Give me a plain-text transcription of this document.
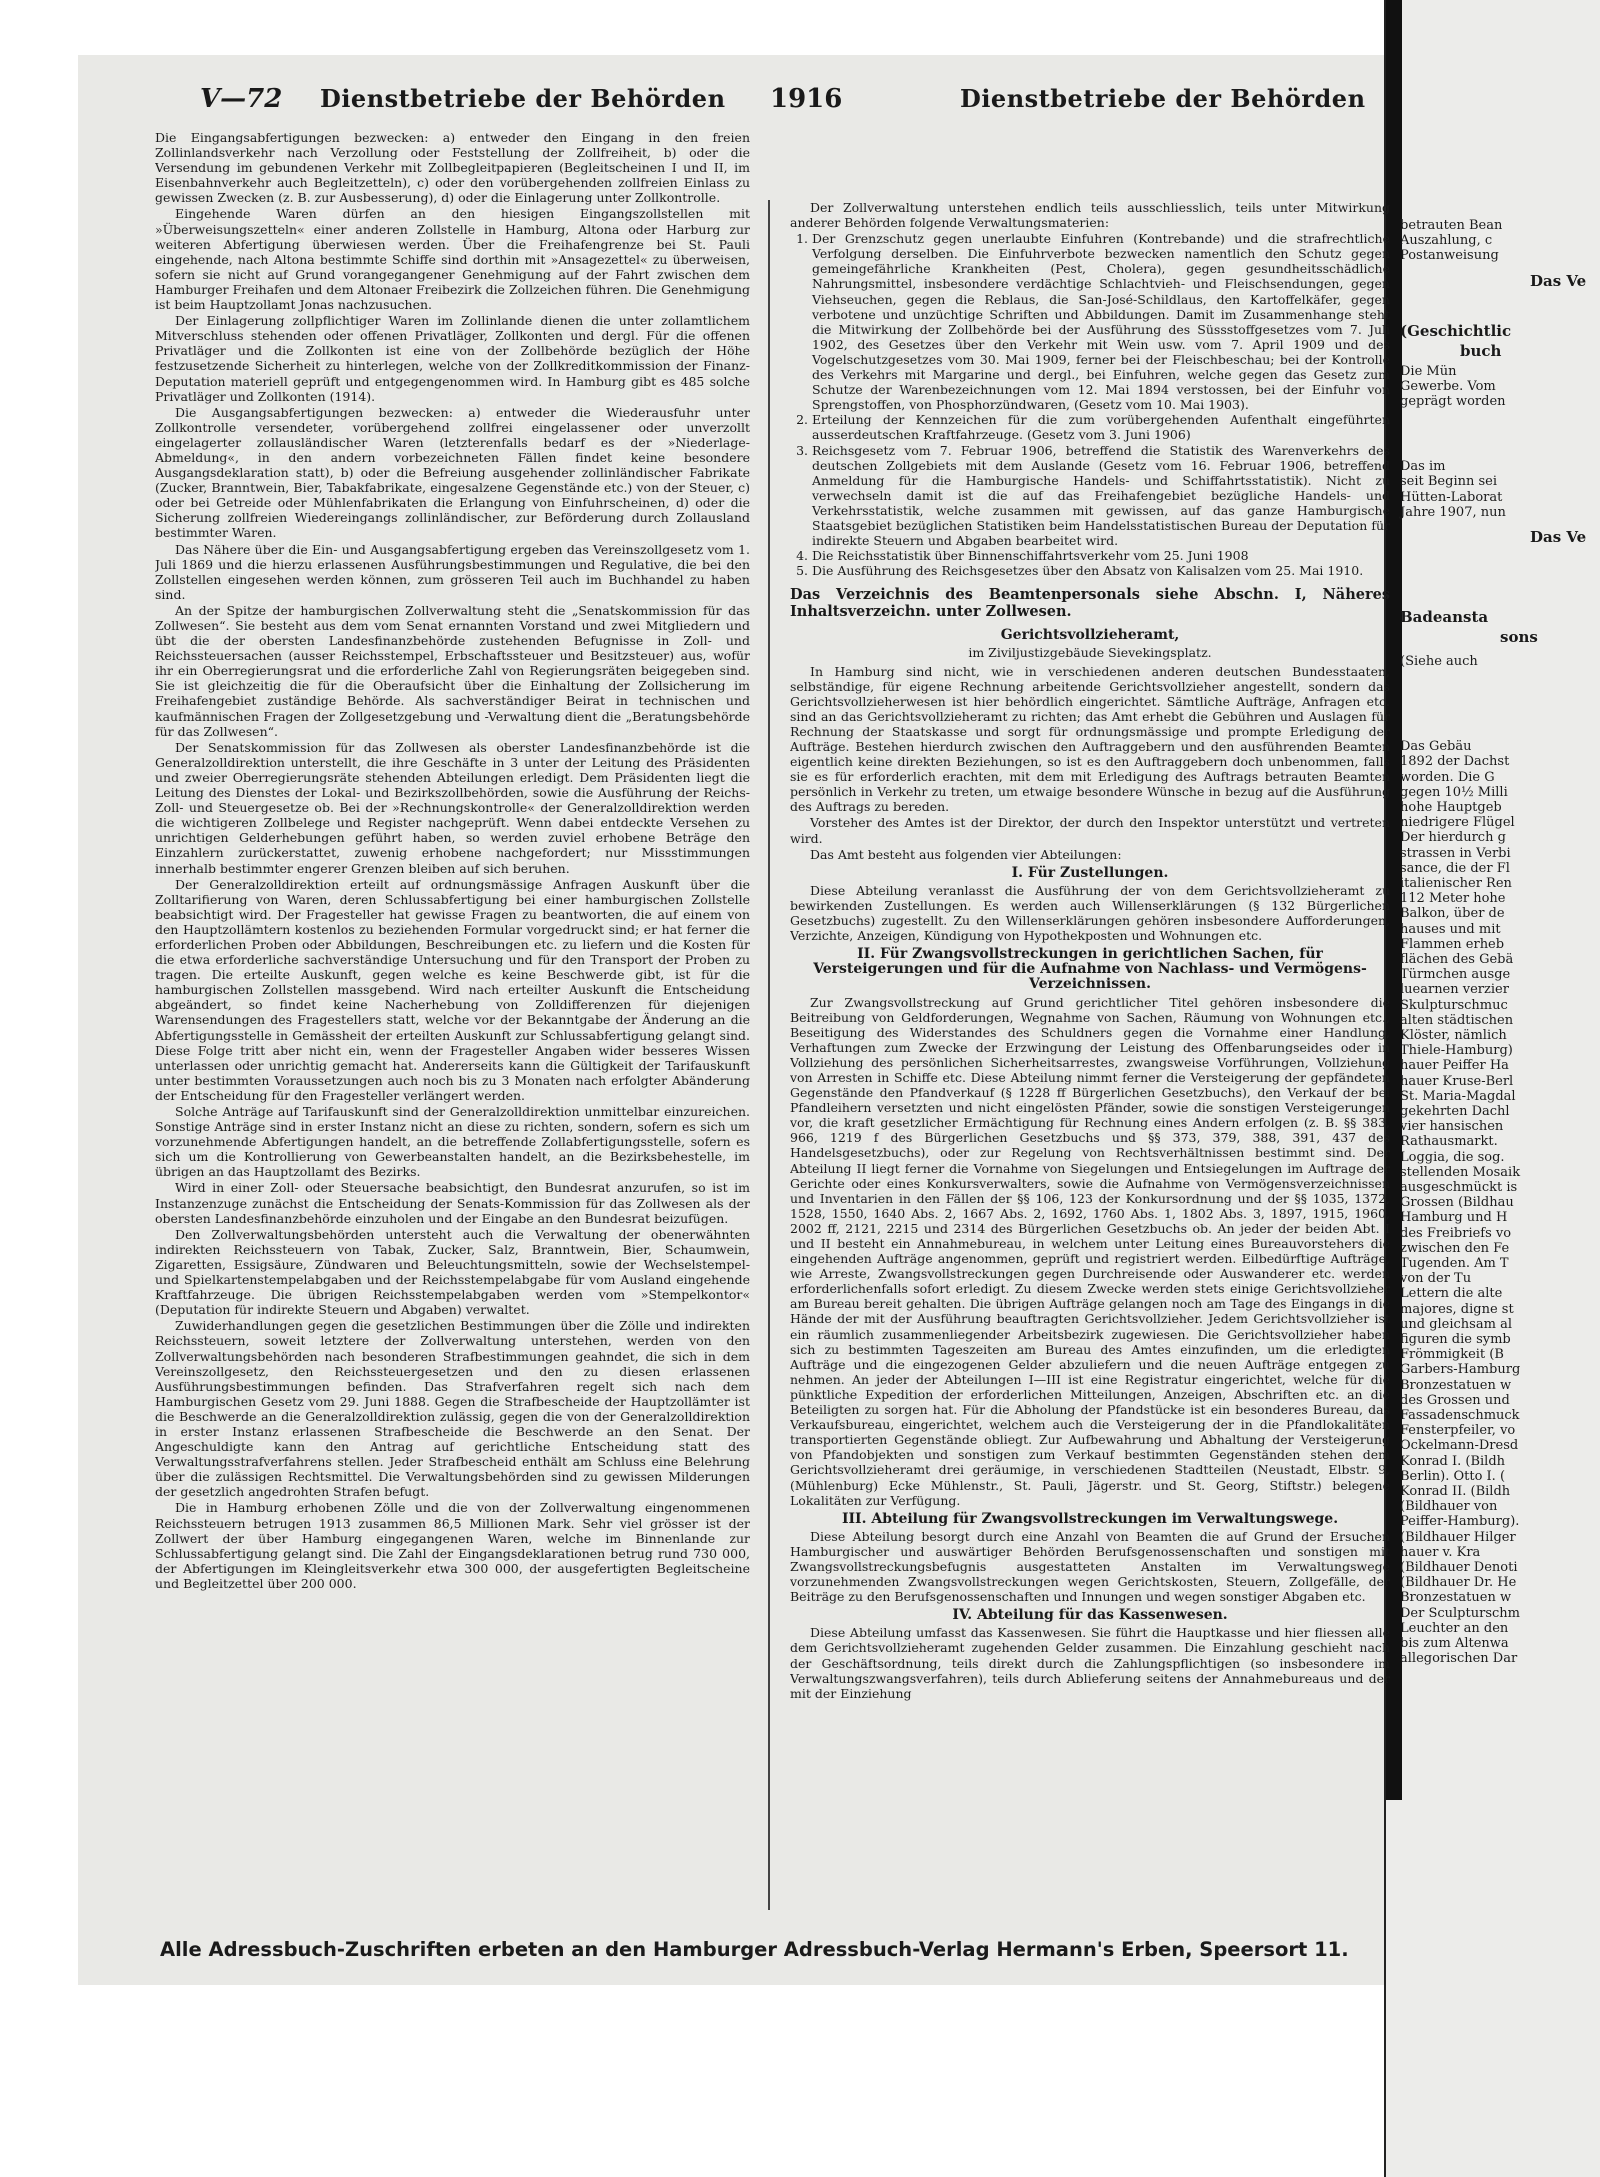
betrauten Bean
Auszahlung, c
Postanweisung
Das Ve
(Geschichtlic
buch
Die Mün
Gewerbe. Vom
geprägt worden
Das im
seit Beginn sei
Hütten-Laborat
Jahre 1907, nun
Das Ve
Badeansta
sons
(Siehe auch
Das Gebäu
1892 der Dachst
worden. Die G
gegen 10½ Milli
hohe Hauptgeb
niedrigere Flügel
Der hierdurch g
strassen in Verbi
sance, die der Fl
italienischer Ren
112 Meter hohe
Balkon, über de
hauses und mit
Flammen erheb
flächen des Gebä
Türmchen ausge
luearnen verzier
Skulpturschmuc
alten städtischen
Klöster, nämlich
Thiele-Hamburg)
hauer Peiffer Ha
hauer Kruse-Berl
St. Maria-Magdal
gekehrten Dachl
vier hansischen
Rathausmarkt.
Loggia, die sog.
stellenden Mosaik
ausgeschmückt is
Grossen (Bildhau
Hamburg und H
des Freibriefs vo
zwischen den Fe
Tugenden. Am T
von der Tu
Lettern die alte
majores, digne st
und gleichsam al
figuren die symb
Frömmigkeit (B
Garbers-Hamburg
Bronzestatuen w
des Grossen und
Fassadenschmuck
Fensterpfeiler, vo
Ockelmann-Dresd
Konrad I. (Bildh
Berlin). Otto I. (
Konrad II. (Bildh
(Bildhauer von
Peiffer-Hamburg).
(Bildhauer Hilger
hauer v. Kra
(Bildhauer Denoti
(Bildhauer Dr. He
Bronzestatuen w
Der Sculpturschm
Leuchter an den
bis zum Altenwa
allegorischen Dar
V—72 Dienstbetriebe der Behörden 1916	Dienstbetriebe der Behörden

Die Eingangsabfertigungen bezwecken: a) entweder den Eingang in den freien Zollinlandsverkehr nach Verzollung oder Feststellung der Zollfreiheit, b) oder die Versendung im gebundenen Verkehr mit Zollbegleitpapieren (Begleitscheinen I und II, im Eisenbahnverkehr auch Begleitzetteln), c) oder den vorübergehenden zollfreien Einlass zu gewissen Zwecken (z. B. zur Ausbesserung), d) oder die Einlagerung unter Zollkontrolle.

Eingehende Waren dürfen an den hiesigen Eingangszollstellen mit »Überweisungszetteln« einer anderen Zollstelle in Hamburg, Altona oder Harburg zur weiteren Abfertigung überwiesen werden. Über die Freihafengrenze bei St. Pauli eingehende, nach Altona bestimmte Schiffe sind dorthin mit »Ansagezettel« zu überweisen, sofern sie nicht auf Grund vorangegangener Genehmigung auf der Fahrt zwischen dem Hamburger Freihafen und dem Altonaer Freibezirk die Zollzeichen führen. Die Genehmigung ist beim Hauptzollamt Jonas nachzusuchen.

Der Einlagerung zollpflichtiger Waren im Zollinlande dienen die unter zollamtlichem Mitverschluss stehenden oder offenen Privatläger, Zollkonten und dergl. Für die offenen Privatläger und die Zollkonten ist eine von der Zollbehörde bezüglich der Höhe festzusetzende Sicherheit zu hinterlegen, welche von der Zollkreditkommission der Finanz-Deputation materiell geprüft und entgegengenommen wird. In Hamburg gibt es 485 solche Privatläger und Zollkonten (1914).

Die Ausgangsabfertigungen bezwecken: a) entweder die Wiederausfuhr unter Zollkontrolle versendeter, vorübergehend zollfrei eingelassener oder unverzollt eingelagerter zollausländischer Waren (letzterenfalls bedarf es der »Niederlage-Abmeldung«, in den andern vorbezeichneten Fällen findet keine besondere Ausgangsdeklaration statt), b) oder die Befreiung ausgehender zollinländischer Fabrikate (Zucker, Branntwein, Bier, Tabakfabrikate, eingesalzene Gegenstände etc.) von der Steuer, c) oder bei Getreide oder Mühlenfabrikaten die Erlangung von Einfuhrscheinen, d) oder die Sicherung zollfreien Wiedereingangs zollinländischer, zur Beförderung durch Zollausland bestimmter Waren.

Das Nähere über die Ein- und Ausgangsabfertigung ergeben das Vereinszollgesetz vom 1. Juli 1869 und die hierzu erlassenen Ausführungsbestimmungen und Regulative, die bei den Zollstellen eingesehen werden können, zum grösseren Teil auch im Buchhandel zu haben sind.

An der Spitze der hamburgischen Zollverwaltung steht die „Senatskommission für das Zollwesen“. Sie besteht aus dem vom Senat ernannten Vorstand und zwei Mitgliedern und übt die der obersten Landesfinanzbehörde zustehenden Befugnisse in Zoll- und Reichssteuersachen (ausser Reichsstempel, Erbschaftssteuer und Besitzsteuer) aus, wofür ihr ein Oberregierungsrat und die erforderliche Zahl von Regierungsräten beigegeben sind. Sie ist gleichzeitig die für die Oberaufsicht über die Einhaltung der Zollsicherung im Freihafengebiet zuständige Behörde. Als sachverständiger Beirat in technischen und kaufmännischen Fragen der Zollgesetzgebung und -Verwaltung dient die „Beratungsbehörde für das Zollwesen“.

Der Senatskommission für das Zollwesen als oberster Landesfinanzbehörde ist die Generalzolldirektion unterstellt, die ihre Geschäfte in 3 unter der Leitung des Präsidenten und zweier Oberregierungsräte stehenden Abteilungen erledigt. Dem Präsidenten liegt die Leitung des Dienstes der Lokal- und Bezirkszollbehörden, sowie die Ausführung der Reichs-Zoll- und Steuergesetze ob. Bei der »Rechnungskontrolle« der Generalzolldirektion werden die wichtigeren Zollbelege und Register nachgeprüft. Wenn dabei entdeckte Versehen zu unrichtigen Gelderhebungen geführt haben, so werden zuviel erhobene Beträge den Einzahlern zurückerstattet, zuwenig erhobene nachgefordert; nur Missstimmungen innerhalb bestimmter engerer Grenzen bleiben auf sich beruhen.

Der Generalzolldirektion erteilt auf ordnungsmässige Anfragen Auskunft über die Zolltarifierung von Waren, deren Schlussabfertigung bei einer hamburgischen Zollstelle beabsichtigt wird. Der Fragesteller hat gewisse Fragen zu beantworten, die auf einem von den Hauptzollämtern kostenlos zu beziehenden Formular vorgedruckt sind; er hat ferner die erforderlichen Proben oder Abbildungen, Beschreibungen etc. zu liefern und die Kosten für die etwa erforderliche sachverständige Untersuchung und für den Transport der Proben zu tragen. Die erteilte Auskunft, gegen welche es keine Beschwerde gibt, ist für die hamburgischen Zollstellen massgebend. Wird nach erteilter Auskunft die Entscheidung abgeändert, so findet keine Nacherhebung von Zolldifferenzen für diejenigen Warensendungen des Fragestellers statt, welche vor der Bekanntgabe der Änderung an die Abfertigungsstelle in Gemässheit der erteilten Auskunft zur Schlussabfertigung gelangt sind. Diese Folge tritt aber nicht ein, wenn der Fragesteller Angaben wider besseres Wissen unterlassen oder unrichtig gemacht hat. Andererseits kann die Gültigkeit der Tarifauskunft unter bestimmten Voraussetzungen auch noch bis zu 3 Monaten nach erfolgter Abänderung der Entscheidung für den Fragesteller verlängert werden.

Solche Anträge auf Tarifauskunft sind der Generalzolldirektion unmittelbar einzureichen. Sonstige Anträge sind in erster Instanz nicht an diese zu richten, sondern, sofern es sich um vorzunehmende Abfertigungen handelt, an die betreffende Zollabfertigungsstelle, sofern es sich um die Kontrollierung von Gewerbeanstalten handelt, an die Bezirksbehestelle, im übrigen an das Hauptzollamt des Bezirks.

Wird in einer Zoll- oder Steuersache beabsichtigt, den Bundesrat anzurufen, so ist im Instanzenzuge zunächst die Entscheidung der Senats-Kommission für das Zollwesen als der obersten Landesfinanzbehörde einzuholen und der Eingabe an den Bundesrat beizufügen.

Den Zollverwaltungsbehörden untersteht auch die Verwaltung der obenerwähnten indirekten Reichssteuern von Tabak, Zucker, Salz, Branntwein, Bier, Schaumwein, Zigaretten, Essigsäure, Zündwaren und Beleuchtungsmitteln, sowie der Wechselstempel- und Spielkartenstempelabgaben und der Reichsstempelabgabe für vom Ausland eingehende Kraftfahrzeuge. Die übrigen Reichsstempelabgaben werden vom »Stempelkontor« (Deputation für indirekte Steuern und Abgaben) verwaltet.

Zuwiderhandlungen gegen die gesetzlichen Bestimmungen über die Zölle und indirekten Reichssteuern, soweit letztere der Zollverwaltung unterstehen, werden von den Zollverwaltungsbehörden nach besonderen Strafbestimmungen geahndet, die sich in dem Vereinszollgesetz, den Reichssteuergesetzen und den zu diesen erlassenen Ausführungsbestimmungen befinden. Das Strafverfahren regelt sich nach dem Hamburgischen Gesetz vom 29. Juni 1888. Gegen die Strafbescheide der Hauptzollämter ist die Beschwerde an die Generalzolldirektion zulässig, gegen die von der Generalzolldirektion in erster Instanz erlassenen Strafbescheide die Beschwerde an den Senat. Der Angeschuldigte kann den Antrag auf gerichtliche Entscheidung statt des Verwaltungsstrafverfahrens stellen. Jeder Strafbescheid enthält am Schluss eine Belehrung über die zulässigen Rechtsmittel. Die Verwaltungsbehörden sind zu gewissen Milderungen der gesetzlich angedrohten Strafen befugt.

Die in Hamburg erhobenen Zölle und die von der Zollverwaltung eingenommenen Reichssteuern betrugen 1913 zusammen 86,5 Millionen Mark. Sehr viel grösser ist der Zollwert der über Hamburg eingegangenen Waren, welche im Binnenlande zur Schlussabfertigung gelangt sind. Die Zahl der Eingangsdeklarationen betrug rund 730 000, der Abfertigungen im Kleingleitsverkehr etwa 300 000, der ausgefertigten Begleitscheine und Begleitzettel über 200 000.

Der Zollverwaltung unterstehen endlich teils ausschliesslich, teils unter Mitwirkung anderer Behörden folgende Verwaltungsmaterien:

1. Der Grenzschutz gegen unerlaubte Einfuhren (Kontrebande) und die strafrechtliche Verfolgung derselben. Die Einfuhrverbote bezwecken namentlich den Schutz gegen gemeingefährliche Krankheiten (Pest, Cholera), gegen gesundheitsschädliche Nahrungsmittel, insbesondere verdächtige Schlachtvieh- und Fleischsendungen, gegen Viehseuchen, gegen die Reblaus, die San-José-Schildlaus, den Kartoffelkäfer, gegen verbotene und unzüchtige Schriften und Abbildungen. Damit im Zusammenhange steht die Mitwirkung der Zollbehörde bei der Ausführung des Süssstoffgesetzes vom 7. Juli 1902, des Gesetzes über den Verkehr mit Wein usw. vom 7. April 1909 und des Vogelschutzgesetzes vom 30. Mai 1909, ferner bei der Fleischbeschau; bei der Kontrolle des Verkehrs mit Margarine und dergl., bei Einfuhren, welche gegen das Gesetz zum Schutze der Warenbezeichnungen vom 12. Mai 1894 verstossen, bei der Einfuhr von Sprengstoffen, von Phosphorzündwaren, (Gesetz vom 10. Mai 1903).
2. Erteilung der Kennzeichen für die zum vorübergehenden Aufenthalt eingeführten ausserdeutschen Kraftfahrzeuge. (Gesetz vom 3. Juni 1906)
3. Reichsgesetz vom 7. Februar 1906, betreffend die Statistik des Warenverkehrs des deutschen Zollgebiets mit dem Auslande (Gesetz vom 16. Februar 1906, betreffend Anmeldung für die Hamburgische Handels- und Schiffahrtsstatistik). Nicht zu verwechseln damit ist die auf das Freihafengebiet bezügliche Handels- und Verkehrsstatistik, welche zusammen mit gewissen, auf das ganze Hamburgische Staatsgebiet bezüglichen Statistiken beim Handelsstatistischen Bureau der Deputation für indirekte Steuern und Abgaben bearbeitet wird.
4. Die Reichsstatistik über Binnenschiffahrtsverkehr vom 25. Juni 1908
5. Die Ausführung des Reichsgesetzes über den Absatz von Kalisalzen vom 25. Mai 1910.
Das Verzeichnis des Beamtenpersonals siehe Abschn. I, Näheres Inhaltsverzeichn. unter Zollwesen.
Gerichtsvollzieheramt,
im Ziviljustizgebäude Sievekingsplatz.

In Hamburg sind nicht, wie in verschiedenen anderen deutschen Bundesstaaten, selbständige, für eigene Rechnung arbeitende Gerichtsvollzieher angestellt, sondern das Gerichtsvollzieherwesen ist hier behördlich eingerichtet. Sämtliche Aufträge, Anfragen etc. sind an das Gerichtsvollzieheramt zu richten; das Amt erhebt die Gebühren und Auslagen für Rechnung der Staatskasse und sorgt für ordnungsmässige und prompte Erledigung der Aufträge. Bestehen hierdurch zwischen den Auftraggebern und den ausführenden Beamten eigentlich keine direkten Beziehungen, so ist es den Auftraggebern doch unbenommen, falls sie es für erforderlich erachten, mit dem mit Erledigung des Auftrags betrauten Beamten persönlich in Verkehr zu treten, um etwaige besondere Wünsche in bezug auf die Ausführung des Auftrags zu bereden.

Vorsteher des Amtes ist der Direktor, der durch den Inspektor unterstützt und vertreten wird.

Das Amt besteht aus folgenden vier Abteilungen:

I. Für Zustellungen.

Diese Abteilung veranlasst die Ausführung der von dem Gerichtsvollzieheramt zu bewirkenden Zustellungen. Es werden auch Willenserklärungen (§ 132 Bürgerlichen Gesetzbuchs) zugestellt. Zu den Willenserklärungen gehören insbesondere Aufforderungen, Verzichte, Anzeigen, Kündigung von Hypothekposten und Wohnungen etc.

II. Für Zwangsvollstreckungen in gerichtlichen Sachen, für Versteigerungen und für die Aufnahme von Nachlass- und Vermögens-Verzeichnissen.

Zur Zwangsvollstreckung auf Grund gerichtlicher Titel gehören insbesondere die Beitreibung von Geldforderungen, Wegnahme von Sachen, Räumung von Wohnungen etc., Beseitigung des Widerstandes des Schuldners gegen die Vornahme einer Handlung, Verhaftungen zum Zwecke der Erzwingung der Leistung des Offenbarungseides oder in Vollziehung des persönlichen Sicherheitsarrestes, zwangsweise Vorführungen, Vollziehung von Arresten in Schiffe etc. Diese Abteilung nimmt ferner die Versteigerung der gepfändeten Gegenstände den Pfandverkauf (§ 1228 ff Bürgerlichen Gesetzbuchs), den Verkauf der bei Pfandleihern versetzten und nicht eingelösten Pfänder, sowie die sonstigen Versteigerungen vor, die kraft gesetzlicher Ermächtigung für Rechnung eines Andern erfolgen (z. B. §§ 383, 966, 1219 f des Bürgerlichen Gesetzbuchs und §§ 373, 379, 388, 391, 437 des Handelsgesetzbuchs), oder zur Regelung von Rechtsverhältnissen bestimmt sind. Der Abteilung II liegt ferner die Vornahme von Siegelungen und Entsiegelungen im Auftrage der Gerichte oder eines Konkursverwalters, sowie die Aufnahme von Vermögensverzeichnissen und Inventarien in den Fällen der §§ 106, 123 der Konkursordnung und der §§ 1035, 1372, 1528, 1550, 1640 Abs. 2, 1667 Abs. 2, 1692, 1760 Abs. 1, 1802 Abs. 3, 1897, 1915, 1960, 2002 ff, 2121, 2215 und 2314 des Bürgerlichen Gesetzbuchs ob. An jeder der beiden Abt. I und II besteht ein Annahmebureau, in welchem unter Leitung eines Bureauvorstehers die eingehenden Aufträge angenommen, geprüft und registriert werden. Eilbedürftige Aufträge, wie Arreste, Zwangsvollstreckungen gegen Durchreisende oder Auswanderer etc. werden erforderlichenfalls sofort erledigt. Zu diesem Zwecke werden stets einige Gerichtsvollzieher am Bureau bereit gehalten. Die übrigen Aufträge gelangen noch am Tage des Eingangs in die Hände der mit der Ausführung beauftragten Gerichtsvollzieher. Jedem Gerichtsvollzieher ist ein räumlich zusammenliegender Arbeitsbezirk zugewiesen. Die Gerichtsvollzieher haben sich zu bestimmten Tageszeiten am Bureau des Amtes einzufinden, um die erledigten Aufträge und die eingezogenen Gelder abzuliefern und die neuen Aufträge entgegen zu nehmen. An jeder der Abteilungen I—III ist eine Registratur eingerichtet, welche für die pünktliche Expedition der erforderlichen Mitteilungen, Anzeigen, Abschriften etc. an die Beteiligten zu sorgen hat. Für die Abholung der Pfandstücke ist ein besonderes Bureau, das Verkaufsbureau, eingerichtet, welchem auch die Versteigerung der in die Pfandlokalitäten transportierten Gegenstände obliegt. Zur Aufbewahrung und Abhaltung der Versteigerung von Pfandobjekten und sonstigen zum Verkauf bestimmten Gegenständen stehen dem Gerichtsvollzieheramt drei geräumige, in verschiedenen Stadtteilen (Neustadt, Elbstr. 9, (Mühlenburg) Ecke Mühlenstr., St. Pauli, Jägerstr. und St. Georg, Stiftstr.) belegene Lokalitäten zur Verfügung.

III. Abteilung für Zwangsvollstreckungen im Verwaltungswege.

Diese Abteilung besorgt durch eine Anzahl von Beamten die auf Grund der Ersuchen Hamburgischer und auswärtiger Behörden Berufsgenossenschaften und sonstigen mit Zwangsvollstreckungsbefugnis ausgestatteten Anstalten im Verwaltungswege vorzunehmenden Zwangsvollstreckungen wegen Gerichtskosten, Steuern, Zollgefälle, der Beiträge zu den Berufsgenossenschaften und Innungen und wegen sonstiger Abgaben etc.

IV. Abteilung für das Kassenwesen.

Diese Abteilung umfasst das Kassenwesen. Sie führt die Hauptkasse und hier fliessen alle dem Gerichtsvollzieheramt zugehenden Gelder zusammen. Die Einzahlung geschieht nach der Geschäftsordnung, teils direkt durch die Zahlungspflichtigen (so insbesondere im Verwaltungszwangsverfahren), teils durch Ablieferung seitens der Annahmebureaus und der mit der Einziehung

Alle Adressbuch-Zuschriften erbeten an den Hamburger Adressbuch-Verlag Hermann's Erben, Speersort 11.
